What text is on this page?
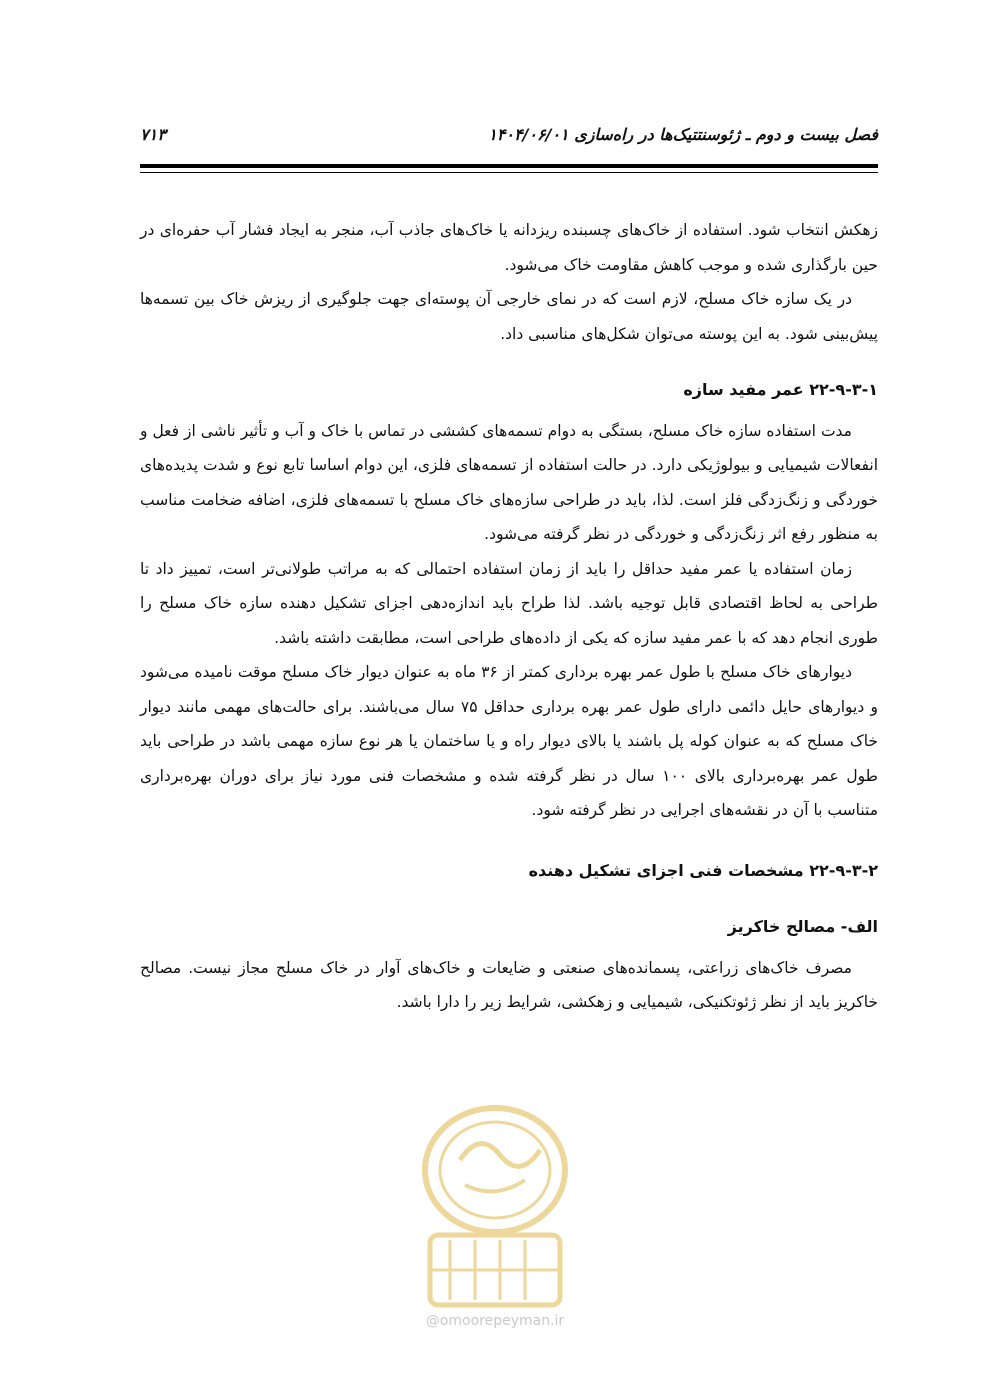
فصل بیست و دوم ـ ژئوسنتتیک‌ها در راه‌سازی ۱۴۰۴/۰۶/۰۱
۷۱۳

زهکش انتخاب شود. استفاده از خاک‌های چسبنده ریزدانه یا خاک‌های جاذب آب، منجر به ایجاد فشار آب حفره‌ای در حین بارگذاری شده و موجب کاهش مقاومت خاک می‌شود.

در یک سازه خاک مسلح، لازم است که در نمای خارجی آن پوسته‌ای جهت جلوگیری از ریزش خاک بین تسمه‌ها پیش‌بینی شود. به این پوسته می‌توان شکل‌های مناسبی داد.

۲۲-۹-۳-۱ عمر مفید سازه

مدت استفاده سازه خاک مسلح، بستگی به دوام تسمه‌های کششی در تماس با خاک و آب و تأثیر ناشی از فعل و انفعالات شیمیایی و بیولوژیکی دارد. در حالت استفاده از تسمه‌های فلزی، این دوام اساسا تابع نوع و شدت پدیده‌های خوردگی و زنگ‌زدگی فلز است. لذا، باید در طراحی سازه‌های خاک مسلح با تسمه‌های فلزی، اضافه ضخامت مناسب به منظور رفع اثر زنگ‌زدگی و خوردگی در نظر گرفته می‌شود.

زمان استفاده یا عمر مفید حداقل را باید از زمان استفاده احتمالی که به مراتب طولانی‌تر است، تمییز داد تا طراحی به لحاظ اقتصادی قابل توجیه باشد. لذا طراح باید اندازه‌دهی اجزای تشکیل دهنده سازه خاک مسلح را طوری انجام دهد که با عمر مفید سازه که یکی از داده‌های طراحی است، مطابقت داشته باشد.

دیوارهای خاک مسلح با طول عمر بهره برداری کمتر از ۳۶ ماه به عنوان دیوار خاک مسلح موقت نامیده می‌شود و دیوارهای حایل دائمی دارای طول عمر بهره برداری حداقل ۷۵ سال می‌باشند. برای حالت‌های مهمی مانند دیوار خاک مسلح که به عنوان کوله پل باشند یا بالای دیوار راه و یا ساختمان یا هر نوع سازه مهمی باشد در طراحی باید طول عمر بهره‌برداری بالای ۱۰۰ سال در نظر گرفته شده و مشخصات فنی مورد نیاز برای دوران بهره‌برداری متناسب با آن در نقشه‌های اجرایی در نظر گرفته شود.

۲۲-۹-۳-۲ مشخصات فنی اجزای تشکیل دهنده

الف- مصالح خاکریز

مصرف خاک‌های زراعتی، پسمانده‌های صنعتی و ضایعات و خاک‌های آوار در خاک مسلح مجاز نیست. مصالح خاکریز باید از نظر ژئوتکنیکی، شیمیایی و زهکشی، شرایط زیر را دارا باشد.

@omoorepeyman.ir
